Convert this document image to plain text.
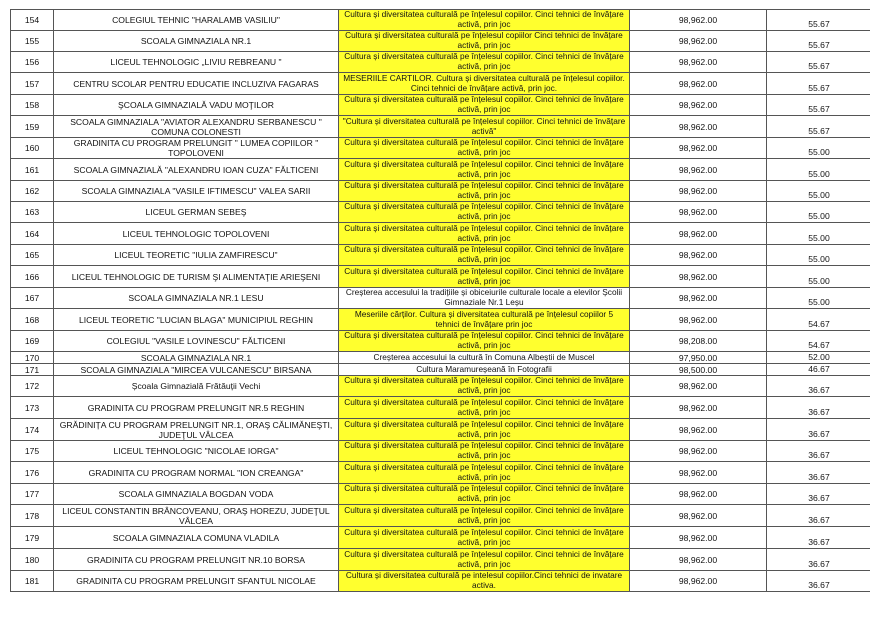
154	COLEGIUL TEHNIC "HARALAMB VASILIU"	Cultura și diversitatea culturală pe înțelesul copiilor. Cinci tehnici de învățare activă, prin joc	98,962.00	55.67	
155	SCOALA GIMNAZIALA NR.1	Cultura și diversitatea culturală pe înțelesul copiilor Cinci tehnici de învățare activă, prin joc	98,962.00	55.67	
156	LICEUL TEHNOLOGIC „LIVIU REBREANU "	Cultura și diversitatea culturală pe înțelesul copiilor. Cinci tehnici de învățare activă, prin joc	98,962.00	55.67	
157	CENTRU SCOLAR PENTRU EDUCATIE INCLUZIVA FAGARAS	MESERIILE CARTILOR. Cultura și diversitatea culturală pe înțelesul copiilor. Cinci tehnici de învățare activă, prin joc.	98,962.00	55.67	
158	ŞCOALA GIMNAZIALĂ VADU MOŢILOR	Cultura și diversitatea culturală pe înțelesul copiilor. Cinci tehnici de învățare activă, prin joc	98,962.00	55.67	
159	SCOALA GIMNAZIALA "AVIATOR ALEXANDRU SERBANESCU " COMUNA COLONESTI	"Cultura și diversitatea culturală pe înțelesul copiilor. Cinci tehnici de învățare activă"	98,962.00	55.67	
160	GRADINITA CU PROGRAM PRELUNGIT " LUMEA COPIILOR " TOPOLOVENI	Cultura și diversitatea culturală pe înțelesul copiilor. Cinci tehnici de învățare activă, prin joc	98,962.00	55.00	
161	SCOALA GIMNAZIALĂ "ALEXANDRU IOAN CUZA" FĂLTICENI	Cultura și diversitatea culturală pe înțelesul copiilor. Cinci tehnici de învățare activă, prin joc	98,962.00	55.00	
162	SCOALA GIMNAZIALA "VASILE IFTIMESCU" VALEA SARII	Cultura și diversitatea culturală pe înțelesul copiilor. Cinci tehnici de învățare activă, prin joc	98,962.00	55.00	
163	LICEUL GERMAN SEBEŞ	Cultura și diversitatea culturală pe înțelesul copiilor. Cinci tehnici de învățare activă, prin joc	98,962.00	55.00	
164	LICEUL TEHNOLOGIC TOPOLOVENI	Cultura și diversitatea culturală pe înțelesul copiilor. Cinci tehnici de învățare activă, prin joc	98,962.00	55.00	
165	LICEUL TEORETIC "IULIA ZAMFIRESCU"	Cultura și diversitatea culturală pe înțelesul copiilor. Cinci tehnici de învățare activă, prin joc	98,962.00	55.00	
166	LICEUL TEHNOLOGIC DE TURISM ŞI ALIMENTAŢIE ARIEŞENI	Cultura și diversitatea culturală pe înțelesul copiilor. Cinci tehnici de învățare activă, prin joc	98,962.00	55.00	
167	SCOALA GIMNAZIALA NR.1 LESU	Creșterea accesului la tradițiile și obiceiurile culturale locale a elevilor Școlii Gimnaziale Nr.1 Leșu	98,962.00	55.00	
168	LICEUL TEORETIC "LUCIAN BLAGA" MUNICIPIUL REGHIN	Meseriile cărților. Cultura și diversitatea culturală pe înțelesul copiilor 5 tehnici de învățare prin joc	98,962.00	54.67	
169	COLEGIUL "VASILE LOVINESCU" FĂLTICENI	Cultura și diversitatea culturală pe înțelesul copiilor. Cinci tehnici de învățare activă, prin joc	98,208.00	54.67	
170	SCOALA GIMNAZIALA NR.1	Creșterea accesului la cultură în Comuna Albeștii de Muscel	97,950.00	52.00	
171	SCOALA GIMNAZIALA "MIRCEA VULCANESCU" BIRSANA	Cultura Maramureșeană în Fotografii	98,500.00	46.67	
172	Școala Gimnazială Frătăuții Vechi	Cultura și diversitatea culturală pe înțelesul copiilor. Cinci tehnici de învățare activă, prin joc	98,962.00	36.67	
173	GRADINITA CU PROGRAM PRELUNGIT NR.5 REGHIN	Cultura și diversitatea culturală pe înțelesul copiilor. Cinci tehnici de învățare activă, prin joc	98,962.00	36.67	
174	GRĂDINIȚA CU PROGRAM PRELUNGIT NR.1, ORAŞ CĂLIMĂNEŞTI, JUDEŢUL VÂLCEA	Cultura și diversitatea culturală pe înțelesul copiilor. Cinci tehnici de învățare activă, prin joc	98,962.00	36.67	
175	LICEUL TEHNOLOGIC "NICOLAE IORGA"	Cultura și diversitatea culturală pe înțelesul copiilor. Cinci tehnici de învățare activă, prin joc	98,962.00	36.67	
176	GRADINITA CU PROGRAM NORMAL "ION CREANGA"	Cultura și diversitatea culturală pe înțelesul copiilor. Cinci tehnici de învățare activă, prin joc	98,962.00	36.67	
177	SCOALA GIMNAZIALA BOGDAN VODA	Cultura și diversitatea culturală pe înțelesul copiilor. Cinci tehnici de învățare activă, prin joc	98,962.00	36.67	
178	LICEUL CONSTANTIN BRÂNCOVEANU, ORAŞ HOREZU, JUDEŢUL VÂLCEA	Cultura și diversitatea culturală pe înțelesul copiilor. Cinci tehnici de învățare activă, prin joc	98,962.00	36.67	
179	SCOALA GIMNAZIALA COMUNA VLADILA	Cultura și diversitatea culturală pe înțelesul copiilor. Cinci tehnici de învățare activă, prin joc	98,962.00	36.67	
180	GRADINITA CU PROGRAM PRELUNGIT NR.10 BORSA	Cultura și diversitatea culturală pe înțelesul copiilor. Cinci tehnici de învățare activă, prin joc	98,962.00	36.67	
181	GRADINITA CU PROGRAM PRELUNGIT SFANTUL NICOLAE	Cultura și diversitatea culturală pe intelesul copiilor.Cinci tehnici de invatare activa.	98,962.00	36.67	
